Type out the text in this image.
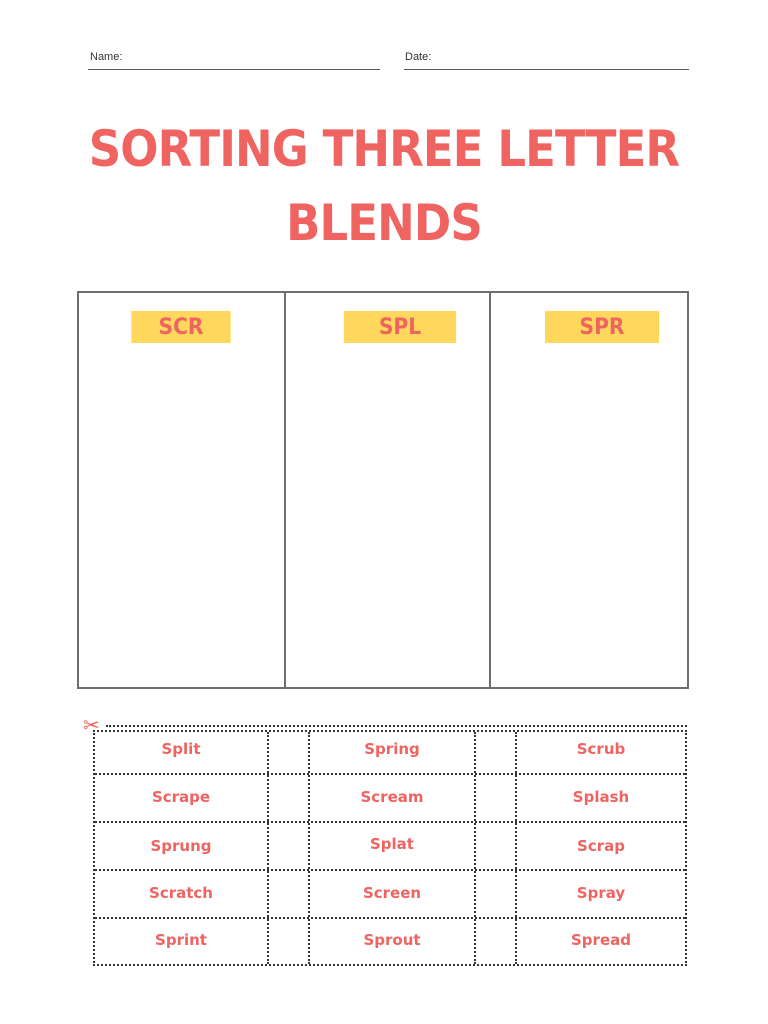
Name:	Date:
SORTING THREE LETTER
BLENDS
SCR	SPL	SPR
✂
Split	Spring	Scrub
Scrape	Scream	Splash
Sprung	Splat	Scrap
Scratch	Screen	Spray
Sprint	Sprout	Spread
